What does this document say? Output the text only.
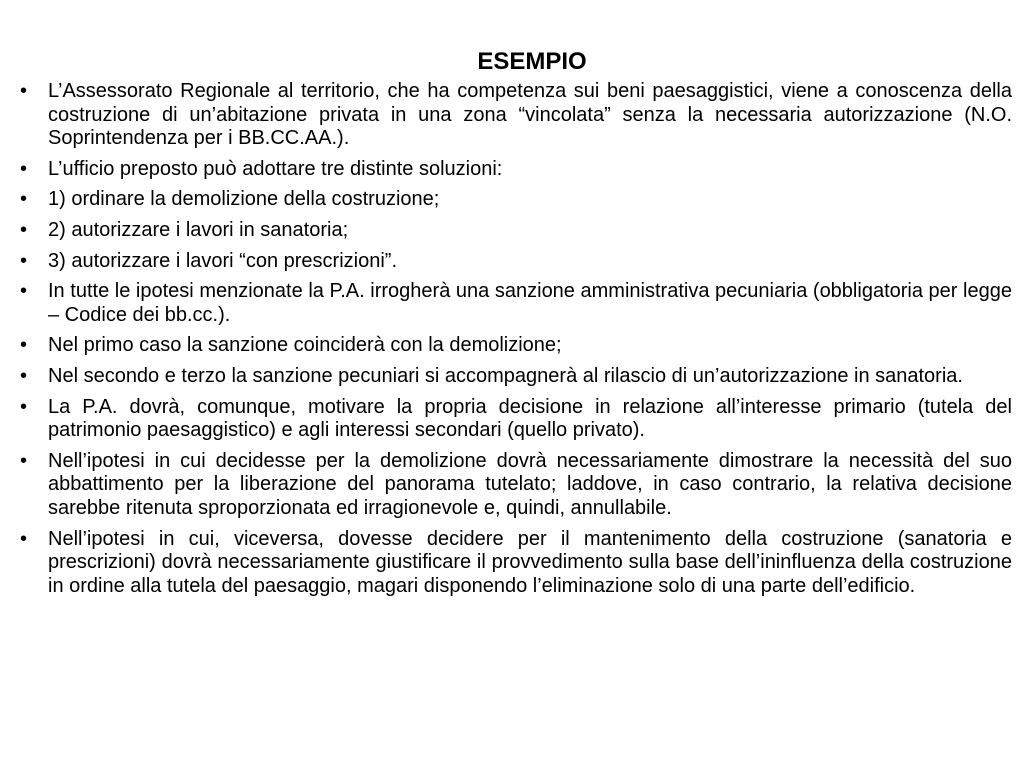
ESEMPIO
• L’Assessorato Regionale al territorio, che ha competenza sui beni paesaggistici, viene a conoscenza della costruzione di un’abitazione privata in una zona “vincolata” senza la necessaria autorizzazione (N.O. Soprintendenza per i BB.CC.AA.).
• L’ufficio preposto può adottare tre distinte soluzioni:
• 1) ordinare la demolizione della costruzione;
• 2) autorizzare i lavori in sanatoria;
• 3) autorizzare i lavori “con prescrizioni”.
• In tutte le ipotesi menzionate la P.A. irrogherà una sanzione amministrativa pecuniaria (obbligatoria per legge – Codice dei bb.cc.).
• Nel primo caso la sanzione coinciderà con la demolizione;
• Nel secondo e terzo la sanzione pecuniari si accompagnerà al rilascio di un’autorizzazione in sanatoria.
• La P.A. dovrà, comunque, motivare la propria decisione in relazione all’interesse primario (tutela del patrimonio paesaggistico) e agli interessi secondari (quello privato).
• Nell’ipotesi in cui decidesse per la demolizione dovrà necessariamente dimostrare la necessità del suo abbattimento per la liberazione del panorama tutelato; laddove, in caso contrario, la relativa decisione sarebbe ritenuta sproporzionata ed irragionevole e, quindi, annullabile.
• Nell’ipotesi in cui, viceversa, dovesse decidere per il mantenimento della costruzione (sanatoria e prescrizioni) dovrà necessariamente giustificare il provvedimento sulla base dell’ininfluenza della costruzione in ordine alla tutela del paesaggio, magari disponendo l’eliminazione solo di una parte dell’edificio.
